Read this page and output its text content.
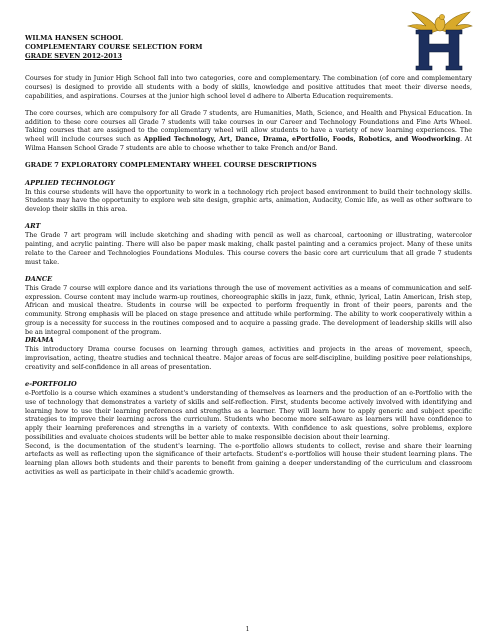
WILMA HANSEN SCHOOL
COMPLEMENTARY COURSE SELECTION FORM
GRADE SEVEN 2012-2013

Courses for study in Junior High School fall into two categories, core and complementary. The combination (of core and complementary courses) is designed to provide all students with a body of skills, knowledge and positive attitudes that meet their diverse needs, capabilities, and aspirations. Courses at the junior high school level d adhere to Alberta Education requirements.

The core courses, which are compulsory for all Grade 7 students, are Humanities, Math, Science, and Health and Physical Education. In addition to these core courses all Grade 7 students will take courses in our Career and Technology Foundations and Fine Arts Wheel. Taking courses that are assigned to the complementary wheel will allow students to have a variety of new learning experiences. The wheel will include courses such as Applied Technology, Art, Dance, Drama, ePortfolio, Foods, Robotics, and Woodworking. At Wilma Hansen School Grade 7 students are able to choose whether to take French and/or Band.

GRADE 7 EXPLORATORY COMPLEMENTARY WHEEL COURSE DESCRIPTIONS
APPLIED TECHNOLOGY

In this course students will have the opportunity to work in a technology rich project based environment to build their technology skills. Students may have the opportunity to explore web site design, graphic arts, animation, Audacity, Comic life, as well as other software to develop their skills in this area.

ART

The Grade 7 art program will include sketching and shading with pencil as well as charcoal, cartooning or illustrating, watercolor painting, and acrylic painting. There will also be paper mask making, chalk pastel painting and a ceramics project. Many of these units relate to the Career and Technologies Foundations Modules. This course covers the basic core art curriculum that all grade 7 students must take.

DANCE

This Grade 7 course will explore dance and its variations through the use of movement activities as a means of communication and self-expression. Course content may include warm-up routines, choreographic skills in jazz, funk, ethnic, lyrical, Latin American, Irish step, African and musical theatre. Students in course will be expected to perform frequently in front of their peers, parents and the community. Strong emphasis will be placed on stage presence and attitude while performing. The ability to work cooperatively within a group is a necessity for success in the routines composed and to acquire a passing grade. The development of leadership skills will also be an integral component of the program.

DRAMA

This introductory Drama course focuses on learning through games, activities and projects in the areas of movement, speech, improvisation, acting, theatre studies and technical theatre. Major areas of focus are self-discipline, building positive peer relationships, creativity and self-confidence in all areas of presentation.

e-PORTFOLIO

e-Portfolio is a course which examines a student's understanding of themselves as learners and the production of an e-Portfolio with the use of technology that demonstrates a variety of skills and self-reflection. First, students become actively involved with identifying and learning how to use their learning preferences and strengths as a learner. They will learn how to apply generic and subject specific strategies to improve their learning across the curriculum. Students who become more self-aware as learners will have confidence to apply their learning preferences and strengths in a variety of contexts. With confidence to ask questions, solve problems, explore possibilities and evaluate choices students will be better able to make responsible decision about their learning.

Second, is the documentation of the student's learning. The e-portfolio allows students to collect, revise and share their learning artefacts as well as reflecting upon the significance of their artefacts. Student's e-portfolios will house their student learning plans. The learning plan allows both students and their parents to benefit from gaining a deeper understanding of the curriculum and classroom activities as well as participate in their child's academic growth.

1
